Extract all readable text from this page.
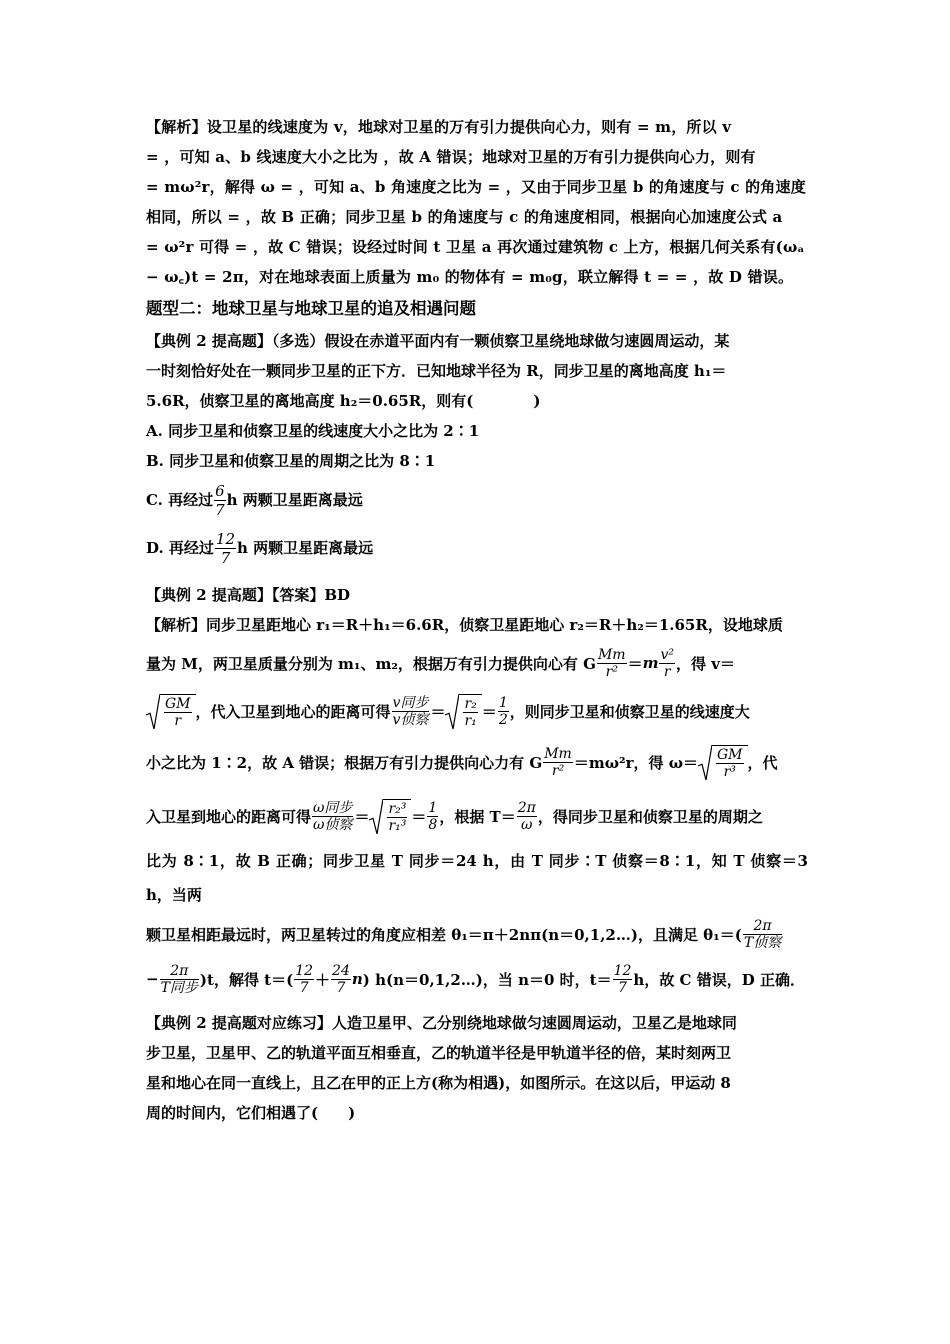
【解析】设卫星的线速度为 v，地球对卫星的万有引力提供向心力，则有 = m，所以 v

= ，可知 a、b 线速度大小之比为 ，故 A 错误；地球对卫星的万有引力提供向心力，则有

= mω²r，解得 ω = ，可知 a、b 角速度之比为 = ，又由于同步卫星 b 的角速度与 c 的角速度

相同，所以 = ，故 B 正确；同步卫星 b 的角速度与 c 的角速度相同，根据向心加速度公式 a

= ω²r 可得 = ，故 C 错误；设经过时间 t 卫星 a 再次通过建筑物 c 上方，根据几何关系有(ωₐ

− ω꜀)t = 2π，对在地球表面上质量为 m₀ 的物体有 = m₀g，联立解得 t = = ，故 D 错误。

题型二：地球卫星与地球卫星的追及相遇问题

【典例 2 提高题】（多选）假设在赤道平面内有一颗侦察卫星绕地球做匀速圆周运动，某

一时刻恰好处在一颗同步卫星的正下方．已知地球半径为 R，同步卫星的离地高度 h₁＝

5.6R，侦察卫星的离地高度 h₂＝0.65R，则有(　　　　)

A. 同步卫星和侦察卫星的线速度大小之比为 2∶1

B. 同步卫星和侦察卫星的周期之比为 8∶1

C. 再经过 $\frac{6}{7}$ h 两颗卫星距离最远
D. 再经过 $\frac{12}{7}$ h 两颗卫星距离最远

【典例 2 提高题】【答案】BD

【解析】同步卫星距地心 r₁＝R＋h₁＝6.6R，侦察卫星距地心 r₂＝R＋h₂＝1.65R，设地球质

量为 M，两卫星质量分别为 m₁、m₂，根据万有引力提供向心有 G $\frac{Mm}{\text{r²}} = m \frac{\text{v²}}{r}$ ，得 v＝
$\frac{GM}{r}$ ，代入卫星到地心的距离可得 $\frac{\text{v同步}}{\text{v侦察}} = \frac{\text{r₂}}{\text{r₁}} = \frac{1}{2}$ ，则同步卫星和侦察卫星的线速度大
小之比为 1∶2，故 A 错误；根据万有引力提供向心力有 G $\frac{Mm}{\text{r²}} =m\omega^2r$，得 $\omega= \frac{GM}{\text{r³}}$ ，代
入卫星到地心的距离可得 $\frac{\text{ω同步}}{\text{ω侦察}} = \frac{\text{r₂³}}{\text{r₁³}} = \frac{1}{8}$ ，根据 $T= \frac{2\pi}{\omega}$ ，得同步卫星和侦察卫星的周期之

比为 8∶1，故 B 正确；同步卫星 T 同步＝24 h，由 T 同步∶T 侦察＝8∶1，知 T 侦察＝3 h，当两

颗卫星相距最远时，两卫星转过的角度应相差 θ₁＝π＋2nπ(n＝0,1,2…)，且满足 $\theta_1=( \frac{2\pi}{\text{T侦察}}$
− $\frac{2\pi}{\text{T同步}} )t$，解得 $t=( \frac{12}{7} + \frac{24}{7}$ n ) h(n＝0,1,2…)，当 n＝0 时，$t= \frac{12}{7}$ h，故 C 错误，D 正确．

【典例 2 提高题对应练习】人造卫星甲、乙分别绕地球做匀速圆周运动，卫星乙是地球同

步卫星，卫星甲、乙的轨道平面互相垂直，乙的轨道半径是甲轨道半径的倍，某时刻两卫

星和地心在同一直线上，且乙在甲的正上方(称为相遇)，如图所示。在这以后，甲运动 8

周的时间内，它们相遇了(　　)
